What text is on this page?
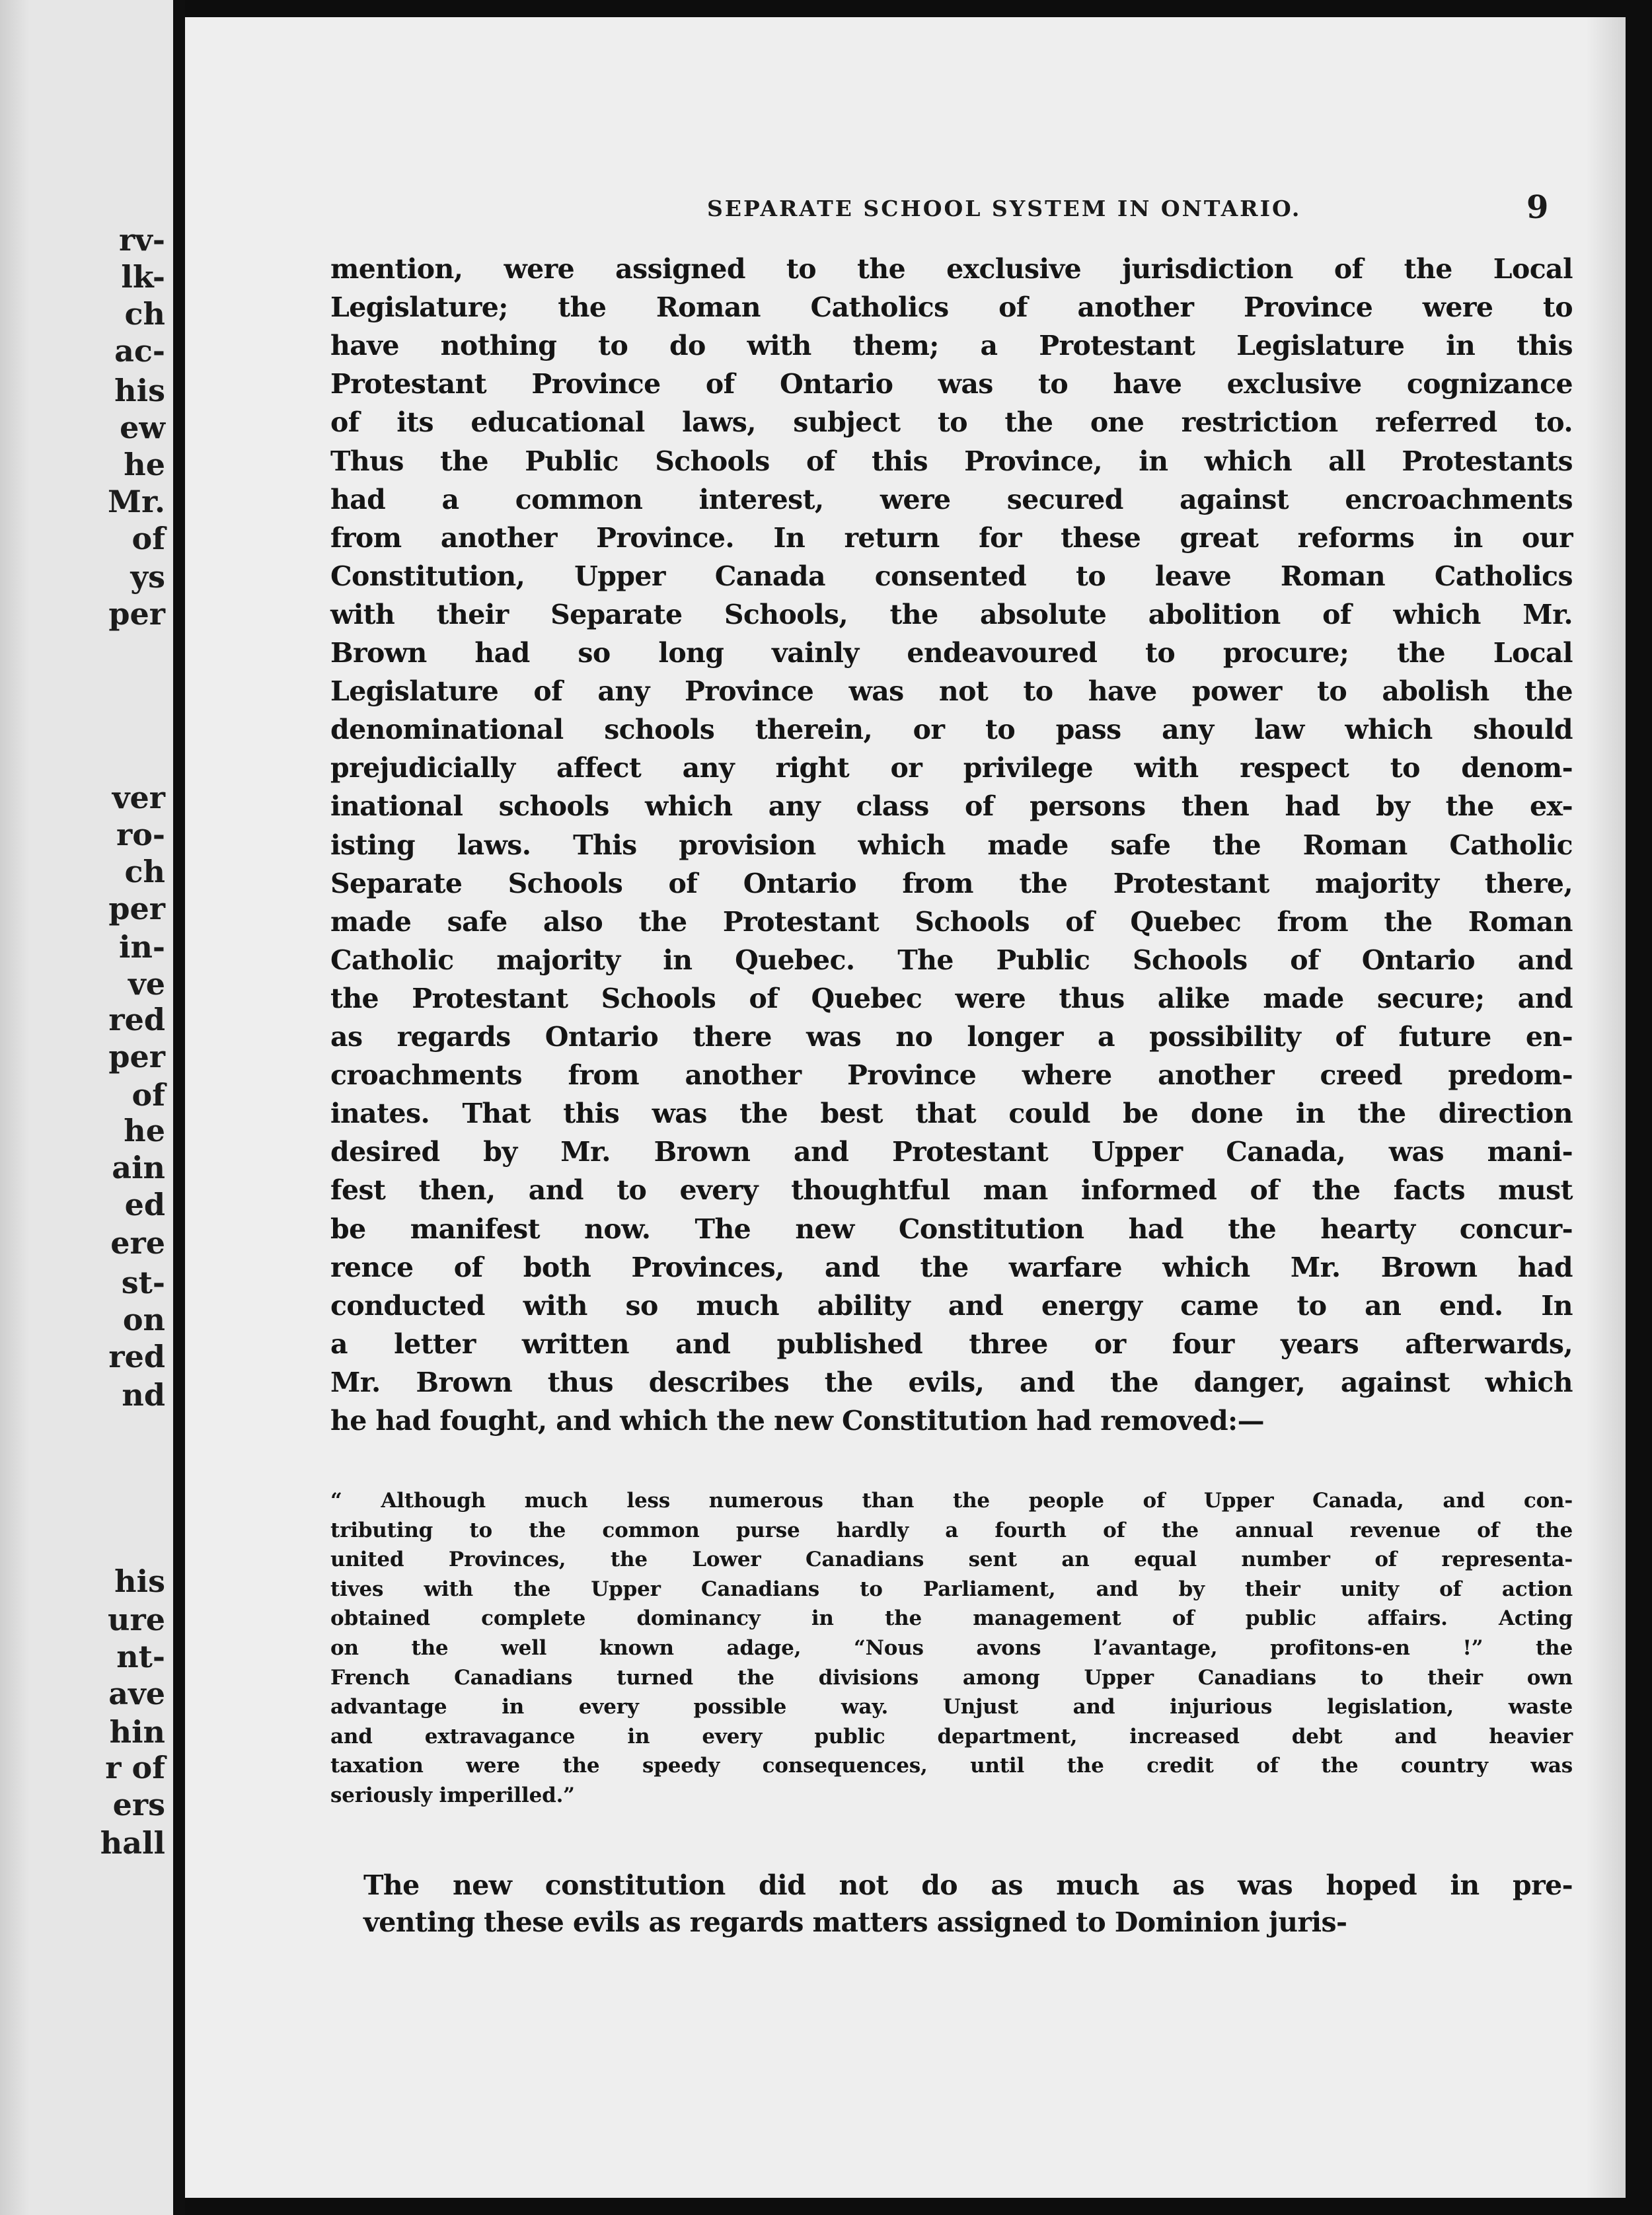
rv-
lk-
ch
ac-
his
ew
he
Mr.
of
ys
per
ver
ro-
ch
per
in-
ve
red
per
of
he
ain
ed
ere
st-
on
red
nd
his
ure
nt-
ave
hin
r of
ers
hall
SEPARATE SCHOOL SYSTEM IN ONTARIO.	9
mention, were assigned to the exclusive jurisdiction of the Local
Legislature; the Roman Catholics of another Province were to
have nothing to do with them; a Protestant Legislature in this
Protestant Province of Ontario was to have exclusive cognizance
of its educational laws, subject to the one restriction referred to.
Thus the Public Schools of this Province, in which all Protestants
had a common interest, were secured against encroachments
from another Province. In return for these great reforms in our
Constitution, Upper Canada consented to leave Roman Catholics
with their Separate Schools, the absolute abolition of which Mr.
Brown had so long vainly endeavoured to procure; the Local
Legislature of any Province was not to have power to abolish the
denominational schools therein, or to pass any law which should
prejudicially affect any right or privilege with respect to denom-
inational schools which any class of persons then had by the ex-
isting laws. This provision which made safe the Roman Catholic
Separate Schools of Ontario from the Protestant majority there,
made safe also the Protestant Schools of Quebec from the Roman
Catholic majority in Quebec. The Public Schools of Ontario and
the Protestant Schools of Quebec were thus alike made secure; and
as regards Ontario there was no longer a possibility of future en-
croachments from another Province where another creed predom-
inates. That this was the best that could be done in the direction
desired by Mr. Brown and Protestant Upper Canada, was mani-
fest then, and to every thoughtful man informed of the facts must
be manifest now. The new Constitution had the hearty concur-
rence of both Provinces, and the warfare which Mr. Brown had
conducted with so much ability and energy came to an end. In
a letter written and published three or four years afterwards,
Mr. Brown thus describes the evils, and the danger, against which
he had fought, and which the new Constitution had removed:—
“ Although much less numerous than the people of Upper Canada, and con-
tributing to the common purse hardly a fourth of the annual revenue of the
united Provinces, the Lower Canadians sent an equal number of representa-
tives with the Upper Canadians to Parliament, and by their unity of action
obtained complete dominancy in the management of public affairs. Acting
on the well known adage, “Nous avons l’avantage, profitons-en !” the
French Canadians turned the divisions among Upper Canadians to their own
advantage in every possible way. Unjust and injurious legislation, waste
and extravagance in every public department, increased debt and heavier
taxation were the speedy consequences, until the credit of the country was
seriously imperilled.”
The new constitution did not do as much as was hoped in pre-
venting these evils as regards matters assigned to Dominion juris-
